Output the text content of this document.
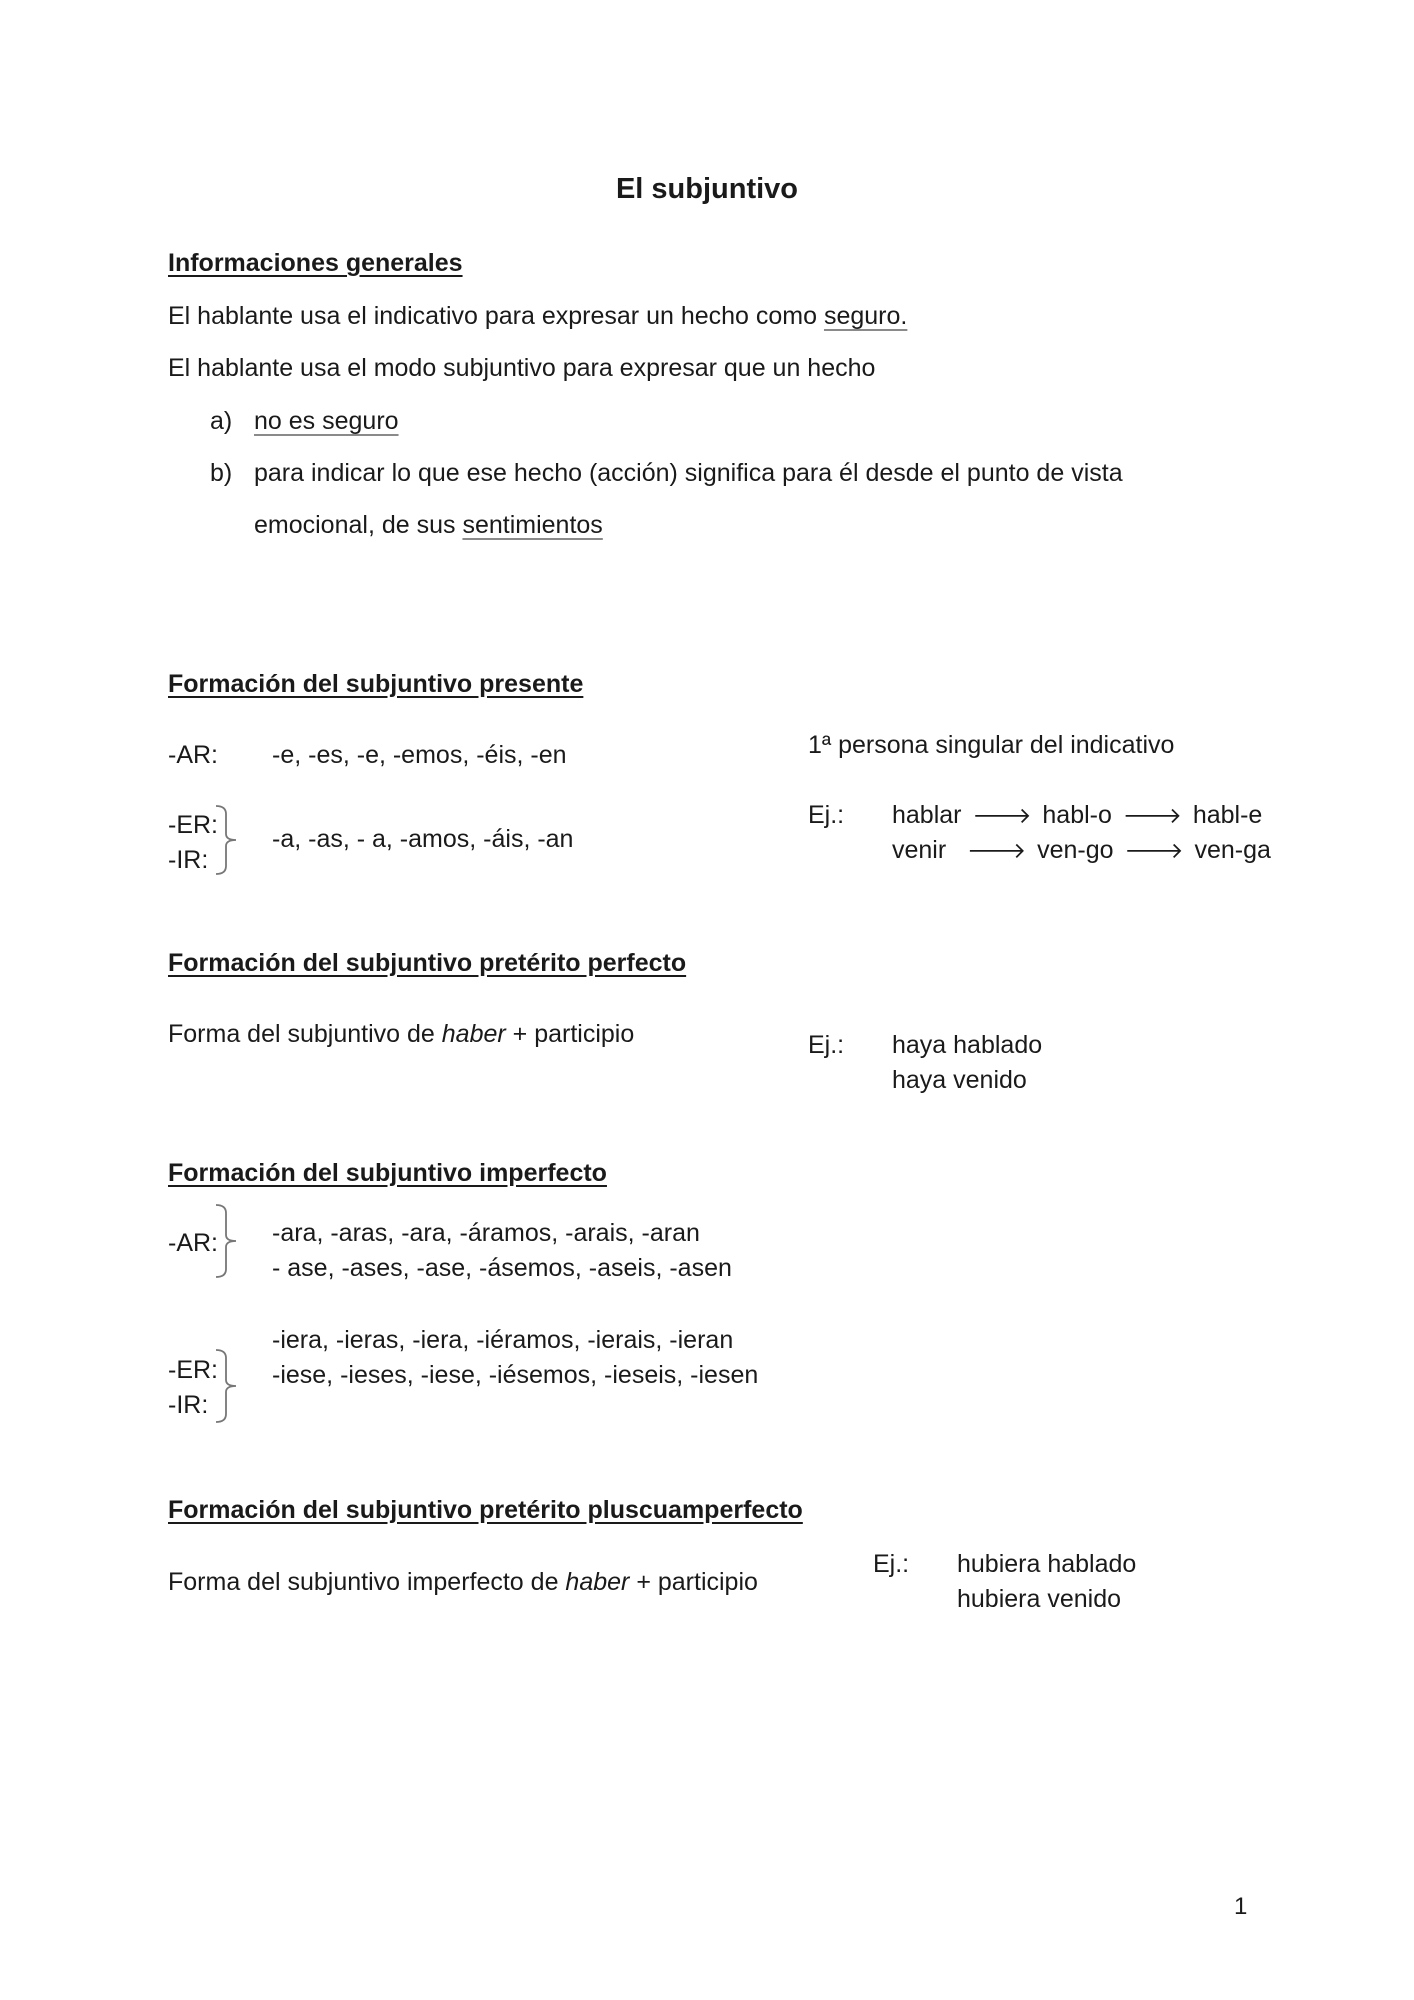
El subjuntivo
Informaciones generales
El hablante usa el indicativo para expresar un hecho como seguro.
El hablante usa el modo subjuntivo para expresar que un hecho
a) no es seguro
b) para indicar lo que ese hecho (acción) significa para él desde el punto de vista
emocional, de sus sentimientos
Formación del subjuntivo presente
-AR: -e, -es, -e, -emos, -éis, -en
-ER:
-IR:
-a, -as, - a, -amos, -áis, -an
1ª persona singular del indicativo
Ej.: hablar 🡒 habl-o 🡒 habl-e
venir 🡒 ven-go 🡒 ven-ga
Formación del subjuntivo pretérito perfecto
Forma del subjuntivo de haber + participio	Ej.: haya hablado
haya venido
Formación del subjuntivo imperfecto
-AR: -ara, -aras, -ara, -áramos, -arais, -aran
- ase, -ases, -ase, -ásemos, -aseis, -asen
-ER:
-IR:
-iera, -ieras, -iera, -iéramos, -ierais, -ieran
-iese, -ieses, -iese, -iésemos, -ieseis, -iesen
Formación del subjuntivo pretérito pluscuamperfecto
Forma del subjuntivo imperfecto de haber + participio
Ej.: hubiera hablado
hubiera venido
1
